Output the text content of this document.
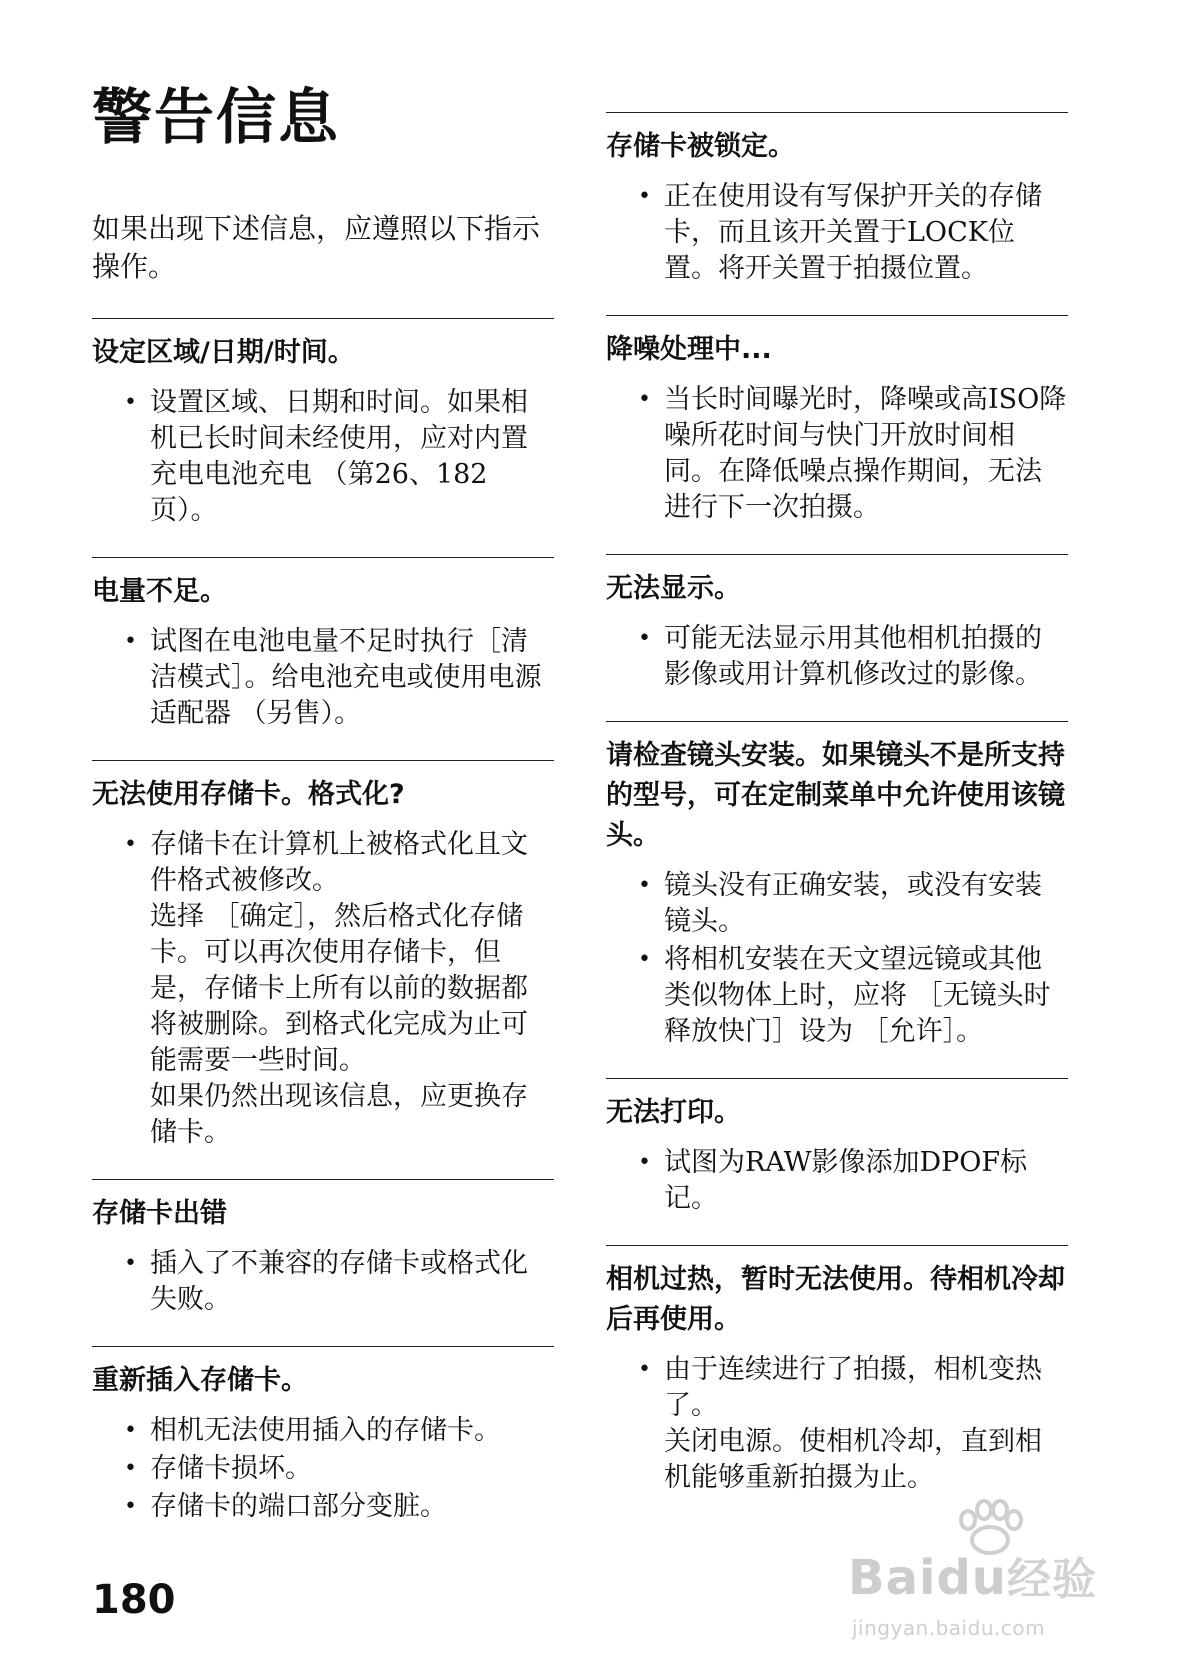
警告信息

如果出现下述信息，应遵照以下指示操作。

设定区域/日期/时间。
• 设置区域、日期和时间。如果相机已长时间未经使用，应对内置充电电池充电 （第26、182页）。
电量不足。
• 试图在电池电量不足时执行［清洁模式］。给电池充电或使用电源适配器 （另售）。
无法使用存储卡。格式化?
• 存储卡在计算机上被格式化且文件格式被修改。
选择 ［确定］，然后格式化存储卡。可以再次使用存储卡，但是，存储卡上所有以前的数据都将被删除。到格式化完成为止可能需要一些时间。
如果仍然出现该信息，应更换存储卡。
存储卡出错
• 插入了不兼容的存储卡或格式化失败。
重新插入存储卡。
• 相机无法使用插入的存储卡。
• 存储卡损坏。
• 存储卡的端口部分变脏。
存储卡被锁定。
• 正在使用设有写保护开关的存储卡，而且该开关置于LOCK位置。将开关置于拍摄位置。
降噪处理中...
• 当长时间曝光时，降噪或高ISO降噪所花时间与快门开放时间相同。在降低噪点操作期间，无法进行下一次拍摄。
无法显示。
• 可能无法显示用其他相机拍摄的影像或用计算机修改过的影像。
请检查镜头安装。如果镜头不是所支持的型号，可在定制菜单中允许使用该镜头。
• 镜头没有正确安装，或没有安装镜头。
• 将相机安装在天文望远镜或其他类似物体上时，应将 ［无镜头时释放快门］设为 ［允许］。
无法打印。
• 试图为RAW影像添加DPOF标记。
相机过热，暂时无法使用。待相机冷却后再使用。
• 由于连续进行了拍摄，相机变热了。
关闭电源。使相机冷却，直到相机能够重新拍摄为止。
180	Baidu经验
jingyan.baidu.com
